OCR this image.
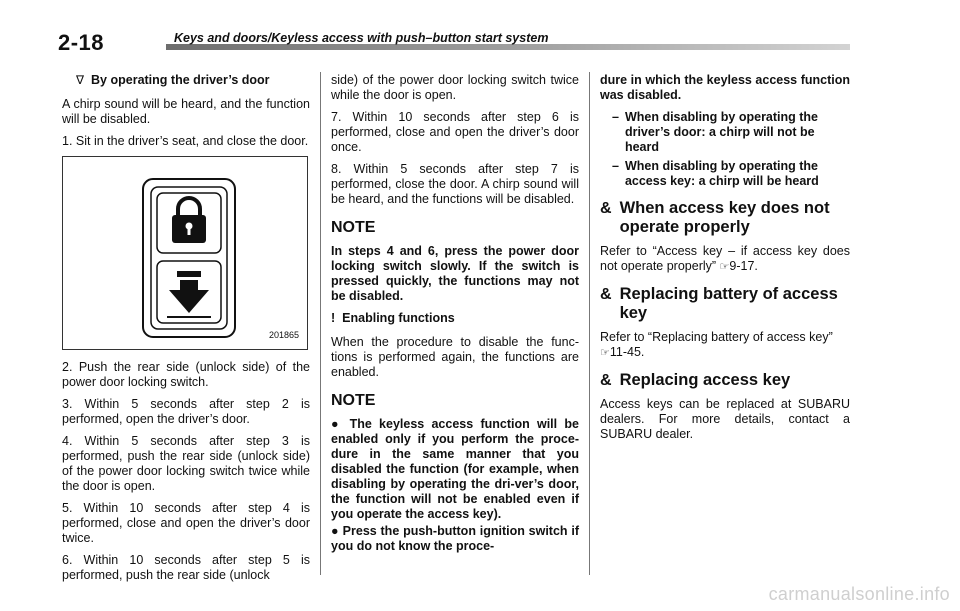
2-18	Keys and doors/Keyless access with push–button start system
∇ By operating the driver’s door

A chirp sound will be heard, and the function will be disabled.

1. Sit in the driver’s seat, and close the door.

201865

2. Push the rear side (unlock side) of the power door locking switch.

3. Within 5 seconds after step 2 is performed, open the driver’s door.

4. Within 5 seconds after step 3 is performed, push the rear side (unlock side) of the power door locking switch twice while the door is open.

5. Within 10 seconds after step 4 is performed, close and open the driver’s door twice.

6. Within 10 seconds after step 5 is performed, push the rear side (unlock

side) of the power door locking switch twice while the door is open.

7. Within 10 seconds after step 6 is performed, close and open the driver’s door once.

8. Within 5 seconds after step 7 is performed, close the door. A chirp sound will be heard, and the functions will be disabled.

NOTE

In steps 4 and 6, press the power door locking switch slowly. If the switch is pressed quickly, the functions may not be disabled.

! Enabling functions

When the procedure to disable the func-tions is performed again, the functions are enabled.

NOTE

● The keyless access function will be enabled only if you perform the proce-dure in the same manner that you disabled the function (for example, when disabling by operating the dri-ver’s door, the function will not be enabled even if you operate the access key).

● Press the push-button ignition switch if you do not know the proce-

dure in which the keyless access function was disabled.

– When disabling by operating the driver’s door: a chirp will not be heard
– When disabling by operating the access key: a chirp will be heard
& When access key does not operate properly

Refer to “Access key – if access key does not operate properly” ☞9-17.

& Replacing battery of access key

Refer to “Replacing battery of access key”
☞11-45.

& Replacing access key

Access keys can be replaced at SUBARU dealers. For more details, contact a SUBARU dealer.

carmanualsonline.info
